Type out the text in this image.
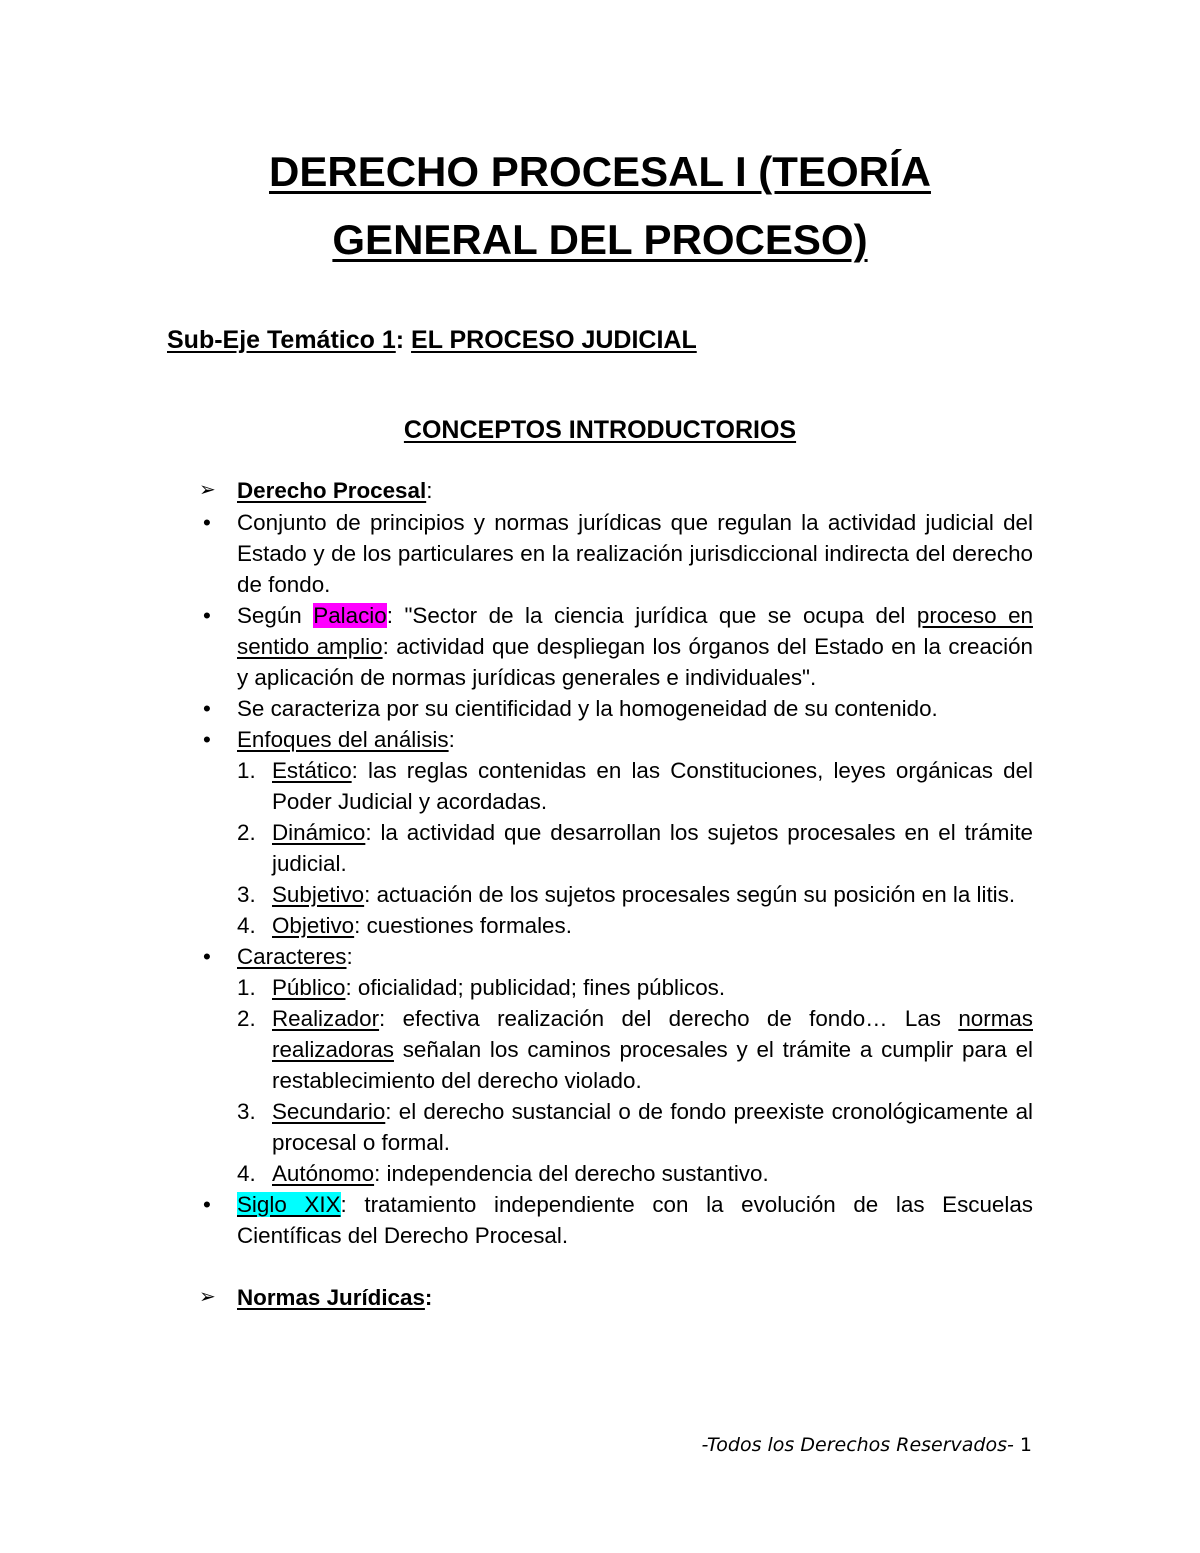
DERECHO PROCESAL I (TEORÍA
GENERAL DEL PROCESO)

Sub-Eje Temático 1: EL PROCESO JUDICIAL

CONCEPTOS INTRODUCTORIOS

➢ Derecho Procesal:
• Conjunto de principios y normas jurídicas que regulan la actividad judicial del Estado y de los particulares en la realización jurisdiccional indirecta del derecho de fondo.
• Según Palacio: "Sector de la ciencia jurídica que se ocupa del proceso en sentido amplio: actividad que despliegan los órganos del Estado en la creación y aplicación de normas jurídicas generales e individuales".
• Se caracteriza por su cientificidad y la homogeneidad de su contenido.
• Enfoques del análisis:
1. Estático: las reglas contenidas en las Constituciones, leyes orgánicas del Poder Judicial y acordadas.
2. Dinámico: la actividad que desarrollan los sujetos procesales en el trámite judicial.
3. Subjetivo: actuación de los sujetos procesales según su posición en la litis.
4. Objetivo: cuestiones formales.
• Caracteres:
1. Público: oficialidad; publicidad; fines públicos.
2. Realizador: efectiva realización del derecho de fondo… Las normas realizadoras señalan los caminos procesales y el trámite a cumplir para el restablecimiento del derecho violado.
3. Secundario: el derecho sustancial o de fondo preexiste cronológicamente al procesal o formal.
4. Autónomo: independencia del derecho sustantivo.
• Siglo XIX: tratamiento independiente con la evolución de las Escuelas Científicas del Derecho Procesal.
➢ Normas Jurídicas:
-Todos los Derechos Reservados- 1
